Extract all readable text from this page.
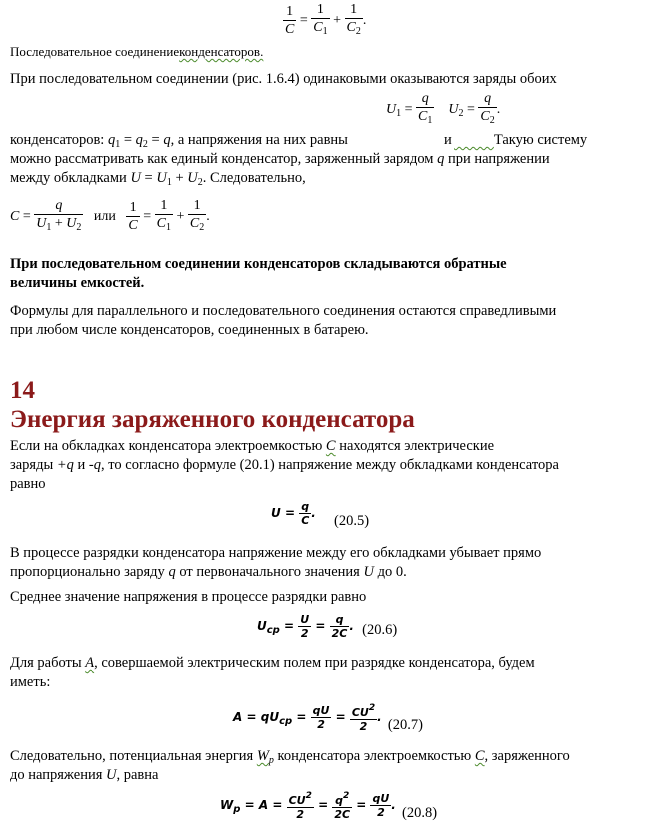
$\frac{1}{C} = \frac{1}{C_1} + \frac{1}{C_2}$ .
Последовательное соединениеконденсаторов.
При последовательном соединении (рис. 1.6.4) одинаковыми оказываются заряды обоих
$U_1 = \frac{q}{C_1} U_2 = \frac{q}{C_2}$ .
конденсаторов: $q_1 = q_2 = q$, а напряжения на них равны	и	Такую систему
можно рассматривать как единый конденсатор, заряженный зарядом q при напряжении
между обкладками $U = U_1 + U_2$. Следовательно,
$C = \frac{q}{U_1 + U_2}$ или $\frac{1}{C} = \frac{1}{C_1} + \frac{1}{C_2}$ .
При последовательном соединении конденсаторов складываются обратные
величины емкостей.
Формулы для параллельного и последовательного соединения остаются справедливыми
при любом числе конденсаторов, соединенных в батарею.
14
Энергия заряженного конденсатора
Если на обкладках конденсатора электроемкостью C находятся электрические
заряды +q и -q, то согласно формуле (20.1) напряжение между обкладками конденсатора
равно
$U = \frac{q}{C}$ . (20.5)
В процессе разрядки конденсатора напряжение между его обкладками убывает прямо
пропорционально заряду q от первоначального значения U до 0.
Среднее значение напряжения в процессе разрядки равно
$U_{ср} = \frac{U}{2} = \frac{q}{2C}$ . (20.6)
Для работы A, совершаемой электрическим полем при разрядке конденсатора, будем
иметь:
$A = qU_{ср} = \frac{qU}{2} = \frac{CU^2}{2}$ . (20.7)
Следовательно, потенциальная энергия $W_p$ конденсатора электроемкостью C, заряженного
до напряжения U, равна
$W_p = A = \frac{CU^2}{2} = \frac{q^2}{2C} = \frac{qU}{2}$ . (20.8)
